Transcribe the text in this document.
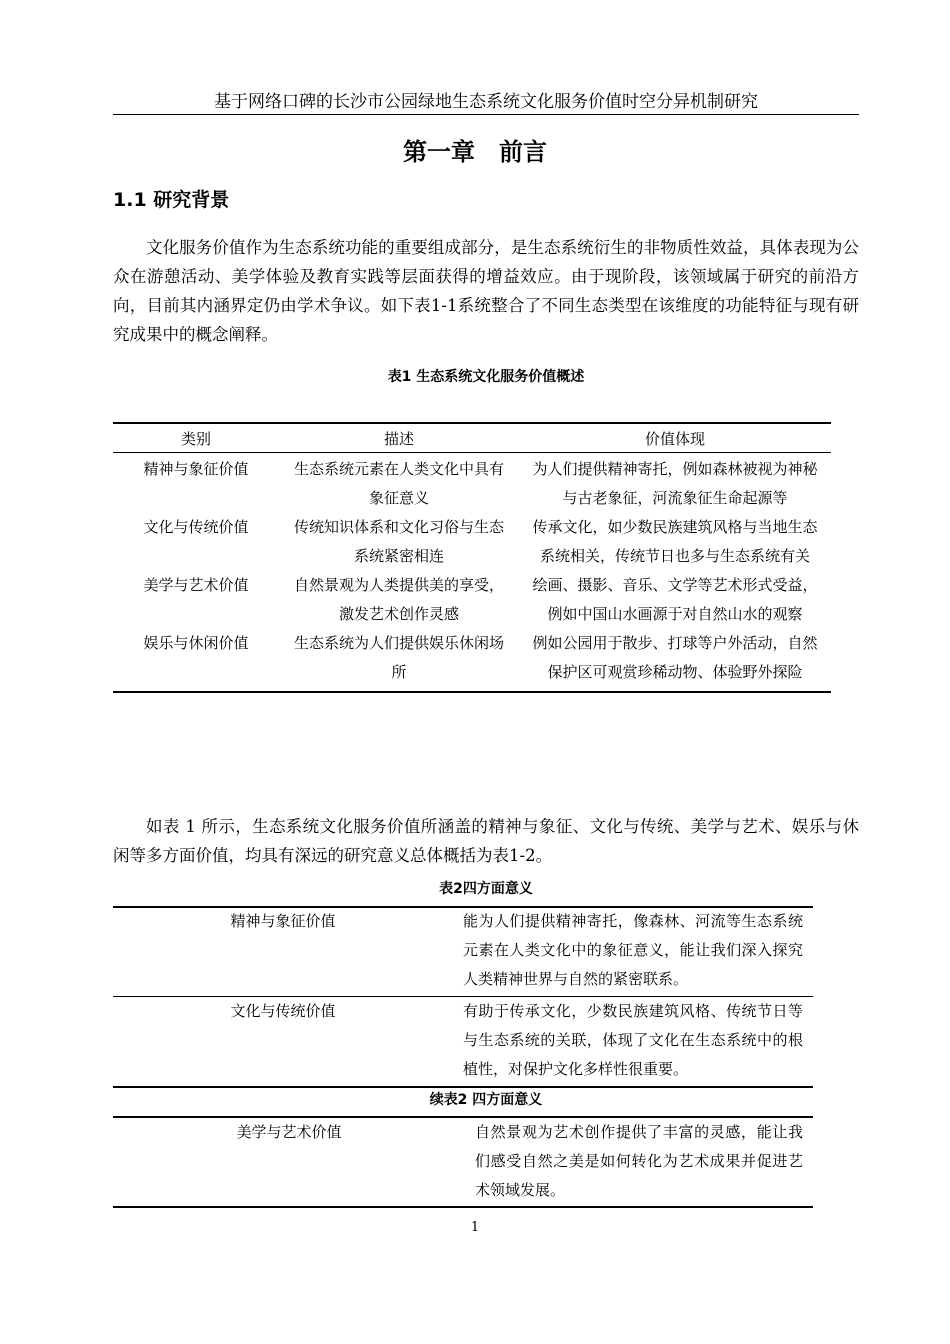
基于网络口碑的长沙市公园绿地生态系统文化服务价值时空分异机制研究
第一章　前言
1.1 研究背景
文化服务价值作为生态系统功能的重要组成部分，是生态系统衍生的非物质性效益，具体表现为公众在游憩活动、美学体验及教育实践等层面获得的增益效应。由于现阶段，该领域属于研究的前沿方向，目前其内涵界定仍由学术争议。如下表1-1系统整合了不同生态类型在该维度的功能特征与现有研究成果中的概念阐释。
表1 生态系统文化服务价值概述
类别	描述	价值体现
精神与象征价值	生态系统元素在人类文化中具有象征意义	为人们提供精神寄托，例如森林被视为神秘与古老象征，河流象征生命起源等
文化与传统价值	传统知识体系和文化习俗与生态系统紧密相连	传承文化，如少数民族建筑风格与当地生态系统相关，传统节日也多与生态系统有关
美学与艺术价值	自然景观为人类提供美的享受，激发艺术创作灵感	绘画、摄影、音乐、文学等艺术形式受益，例如中国山水画源于对自然山水的观察
娱乐与休闲价值	生态系统为人们提供娱乐休闲场所	例如公园用于散步、打球等户外活动，自然保护区可观赏珍稀动物、体验野外探险
如表 1 所示，生态系统文化服务价值所涵盖的精神与象征、文化与传统、美学与艺术、娱乐与休闲等多方面价值，均具有深远的研究意义总体概括为表1-2。
表2四方面意义
精神与象征价值	能为人们提供精神寄托，像森林、河流等生态系统元素在人类文化中的象征意义，能让我们深入探究人类精神世界与自然的紧密联系。
文化与传统价值	有助于传承文化，少数民族建筑风格、传统节日等与生态系统的关联，体现了文化在生态系统中的根植性，对保护文化多样性很重要。
续表2 四方面意义
美学与艺术价值	自然景观为艺术创作提供了丰富的灵感，能让我们感受自然之美是如何转化为艺术成果并促进艺术领域发展。
1
